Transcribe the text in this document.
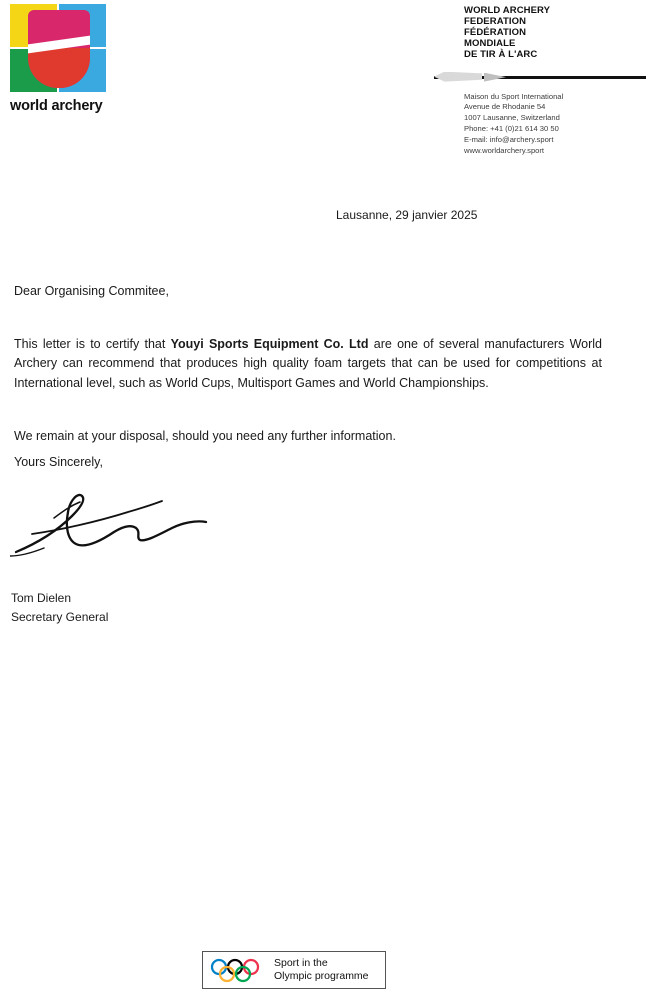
world archery
WORLD ARCHERY
FEDERATION
FÉDÉRATION
MONDIALE
DE TIR À L'ARC
Maison du Sport International
Avenue de Rhodanie 54
1007 Lausanne, Switzerland
Phone: +41 (0)21 614 30 50
E-mail: info@archery.sport
www.worldarchery.sport
Lausanne, 29 janvier 2025
Dear Organising Commitee,

This letter is to certify that Youyi Sports Equipment Co. Ltd are one of several manufacturers World Archery can recommend that produces high quality foam targets that can be used for competitions at International level, such as World Cups, Multisport Games and World Championships.

We remain at your disposal, should you need any further information.

Yours Sincerely,
Tom Dielen
Secretary General
Sport in the
Olympic programme
